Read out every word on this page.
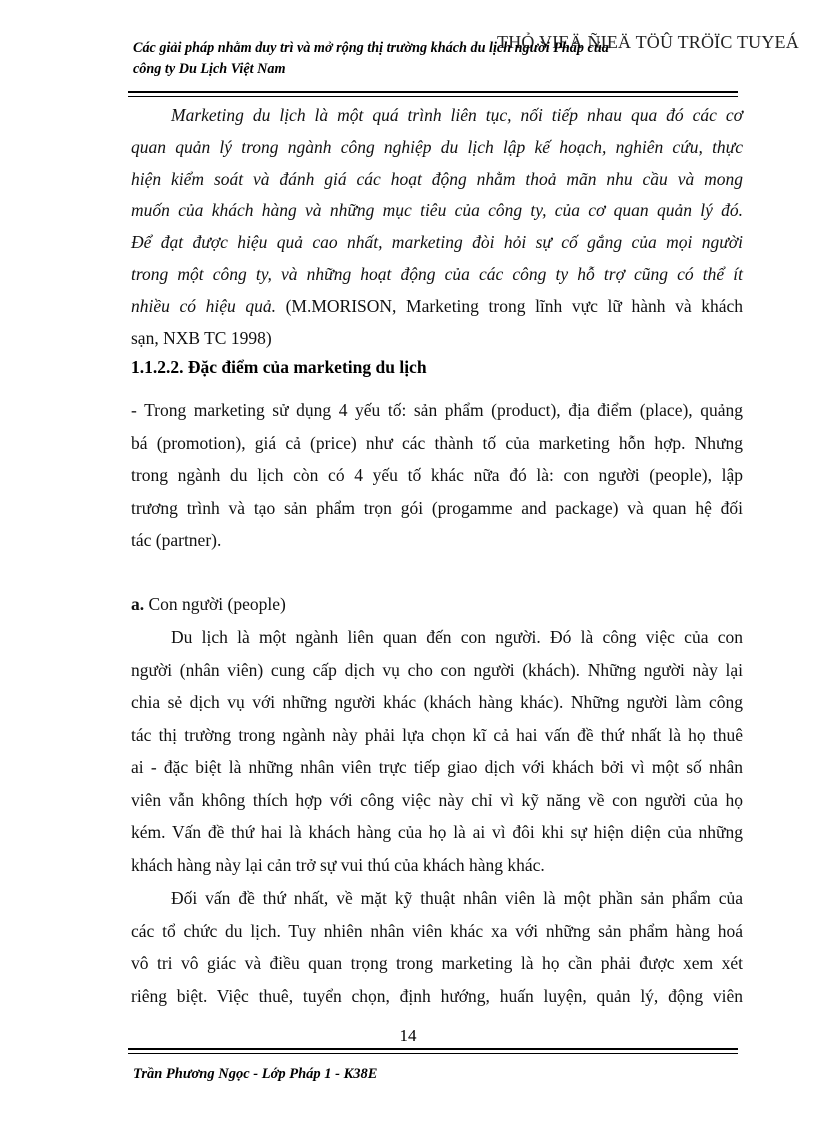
THỎ VIEÄ ÑIEÄ TÖÛ TRÖÏC TUYEÁ
Các giải pháp nhằm duy trì và mở rộng thị trường khách du lịch người Pháp của
công ty Du Lịch Việt Nam
Marketing du lịch là một quá trình liên tục, nối tiếp nhau qua đó các cơ
quan quản lý trong ngành công nghiệp du lịch lập kế hoạch, nghiên cứu, thực
hiện kiểm soát và đánh giá các hoạt động nhằm thoả mãn nhu cầu và mong
muốn của khách hàng và những mục tiêu của công ty, của cơ quan quản lý đó.
Để đạt được hiệu quả cao nhất, marketing đòi hỏi sự cố gắng của mọi người
trong một công ty, và những hoạt động của các công ty hỗ trợ cũng có thể ít
nhiều có hiệu quả. (M.MORISON, Marketing trong lĩnh vực lữ hành và khách
sạn, NXB TC 1998)
1.1.2.2. Đặc điểm của marketing du lịch
- Trong marketing sử dụng 4 yếu tố: sản phẩm (product), địa điểm (place), quảng
bá (promotion), giá cả (price) như các thành tố của marketing hỗn hợp. Nhưng
trong ngành du lịch còn có 4 yếu tố khác nữa đó là: con người (people), lập
trương trình và tạo sản phẩm trọn gói (progamme and package) và quan hệ đối
tác (partner).
a. Con người (people)
Du lịch là một ngành liên quan đến con người. Đó là công việc của con
người (nhân viên) cung cấp dịch vụ cho con người (khách). Những người này lại
chia sẻ dịch vụ với những người khác (khách hàng khác). Những người làm công
tác thị trường trong ngành này phải lựa chọn kĩ cả hai vấn đề thứ nhất là họ thuê
ai - đặc biệt là những nhân viên trực tiếp giao dịch với khách bởi vì một số nhân
viên vẫn không thích hợp với công việc này chỉ vì kỹ năng về con người của họ
kém. Vấn đề thứ hai là khách hàng của họ là ai vì đôi khi sự hiện diện của những
khách hàng này lại cản trở sự vui thú của khách hàng khác.
Đối vấn đề thứ nhất, về mặt kỹ thuật nhân viên là một phần sản phẩm của
các tổ chức du lịch. Tuy nhiên nhân viên khác xa với những sản phẩm hàng hoá
vô tri vô giác và điều quan trọng trong marketing là họ cần phải được xem xét
riêng biệt. Việc thuê, tuyển chọn, định hướng, huấn luyện, quản lý, động viên
14
Trần Phương Ngọc - Lớp Pháp 1 - K38E
